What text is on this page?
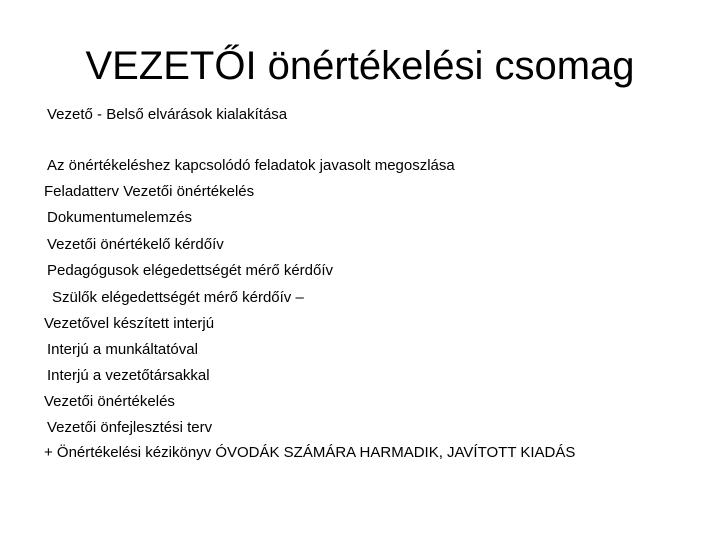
VEZETŐI önértékelési csomag
Vezető - Belső elvárások kialakítása
Az önértékeléshez kapcsolódó feladatok javasolt megoszlása
Feladatterv Vezetői önértékelés
Dokumentumelemzés
Vezetői önértékelő kérdőív
Pedagógusok elégedettségét mérő kérdőív
Szülők elégedettségét mérő kérdőív –
Vezetővel készített interjú
Interjú a munkáltatóval
Interjú a vezetőtársakkal
Vezetői önértékelés
Vezetői önfejlesztési terv
+ Önértékelési kézikönyv ÓVODÁK SZÁMÁRA HARMADIK, JAVÍTOTT KIADÁS
